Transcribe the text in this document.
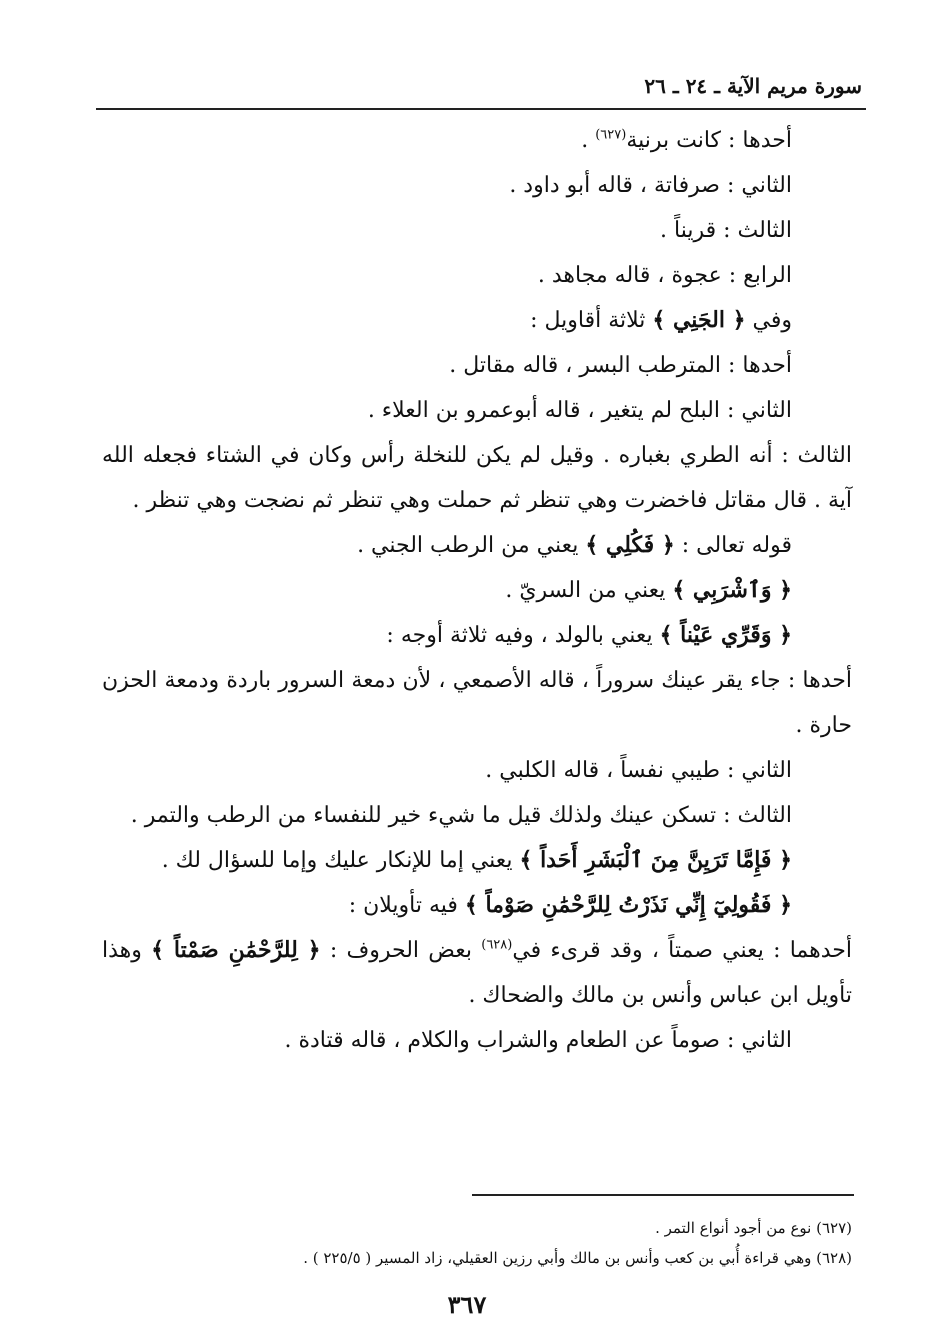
سورة مريم الآية ـ ٢٤ ـ ٢٦

أحدها : كانت برنية$^{(٦٢٧)}$ .

الثاني : صرفاتة ، قاله أبو داود .

الثالث : قريناً .

الرابع : عجوة ، قاله مجاهد .

وفي ﴿ الجَنِي ﴾ ثلاثة أقاويل :

أحدها : المترطب البسر ، قاله مقاتل .

الثاني : البلح لم يتغير ، قاله أبوعمرو بن العلاء .

الثالث : أنه الطري بغباره . وقيل لم يكن للنخلة رأس وكان في الشتاء فجعله الله آية . قال مقاتل فاخضرت وهي تنظر ثم حملت وهي تنظر ثم نضجت وهي تنظر .

قوله تعالى : ﴿ فَكُلِي ﴾ يعني من الرطب الجني .

﴿ وَٱشْرَبِي ﴾ يعني من السريّ .

﴿ وَقَرِّي عَيْناً ﴾ يعني بالولد ، وفيه ثلاثة أوجه :

أحدها : جاء يقر عينك سروراً ، قاله الأصمعي ، لأن دمعة السرور باردة ودمعة الحزن حارة .

الثاني : طيبي نفساً ، قاله الكلبي .

الثالث : تسكن عينك ولذلك قيل ما شيء خير للنفساء من الرطب والتمر .

﴿ فَإِمَّا تَرَيِنَّ مِنَ ٱلْبَشَرِ أَحَداً ﴾ يعني إما للإنكار عليك وإما للسؤال لك .

﴿ فَقُولِيٓ إِنِّي نَذَرْتُ لِلرَّحْمَٰنِ صَوْماً ﴾ فيه تأويلان :

أحدهما : يعني صمتاً ، وقد قرىء في$^{(٦٢٨)}$ بعض الحروف : ﴿ لِلرَّحْمَٰنِ صَمْتاً ﴾ وهذا تأويل ابن عباس وأنس بن مالك والضحاك .

الثاني : صوماً عن الطعام والشراب والكلام ، قاله قتادة .

(٦٢٧) نوع من أجود أنواع التمر .
(٦٢٨) وهي قراءة أُبي بن كعب وأنس بن مالك وأبي رزين العقيلي، زاد المسير ( ٢٢٥/٥ ) .
٣٦٧
